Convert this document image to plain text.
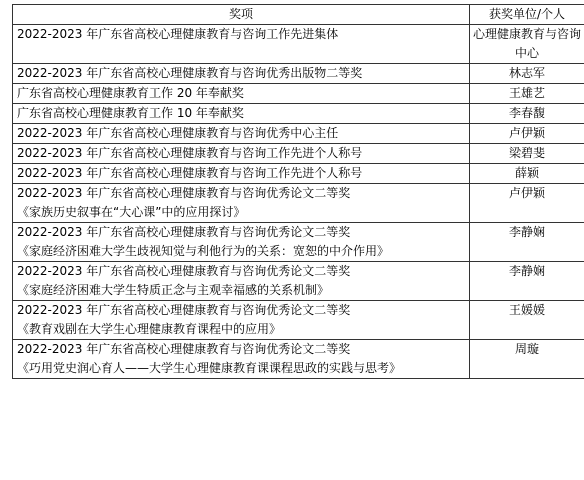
奖项	获奖单位/个人

2022-2023 年广东省高校心理健康教育与咨询工作先进集体	心理健康教育与咨询中心

2022-2023 年广东省高校心理健康教育与咨询优秀出版物二等奖	林志军

广东省高校心理健康教育工作 20 年奉献奖	王雄艺

广东省高校心理健康教育工作 10 年奉献奖	李春馥

2022-2023 年广东省高校心理健康教育与咨询优秀中心主任	卢伊颖

2022-2023 年广东省高校心理健康教育与咨询工作先进个人称号	梁碧斐

2022-2023 年广东省高校心理健康教育与咨询工作先进个人称号	薛颖

2022-2023 年广东省高校心理健康教育与咨询优秀论文二等奖
《家族历史叙事在“大心课”中的应用探讨》	卢伊颖

2022-2023 年广东省高校心理健康教育与咨询优秀论文二等奖
《家庭经济困难大学生歧视知觉与利他行为的关系：宽恕的中介作用》	李静娴

2022-2023 年广东省高校心理健康教育与咨询优秀论文二等奖
《家庭经济困难大学生特质正念与主观幸福感的关系机制》	李静娴

2022-2023 年广东省高校心理健康教育与咨询优秀论文二等奖
《教育戏剧在大学生心理健康教育课程中的应用》	王媛媛

2022-2023 年广东省高校心理健康教育与咨询优秀论文二等奖
《巧用党史润心育人——大学生心理健康教育课课程思政的实践与思考》	周璇
